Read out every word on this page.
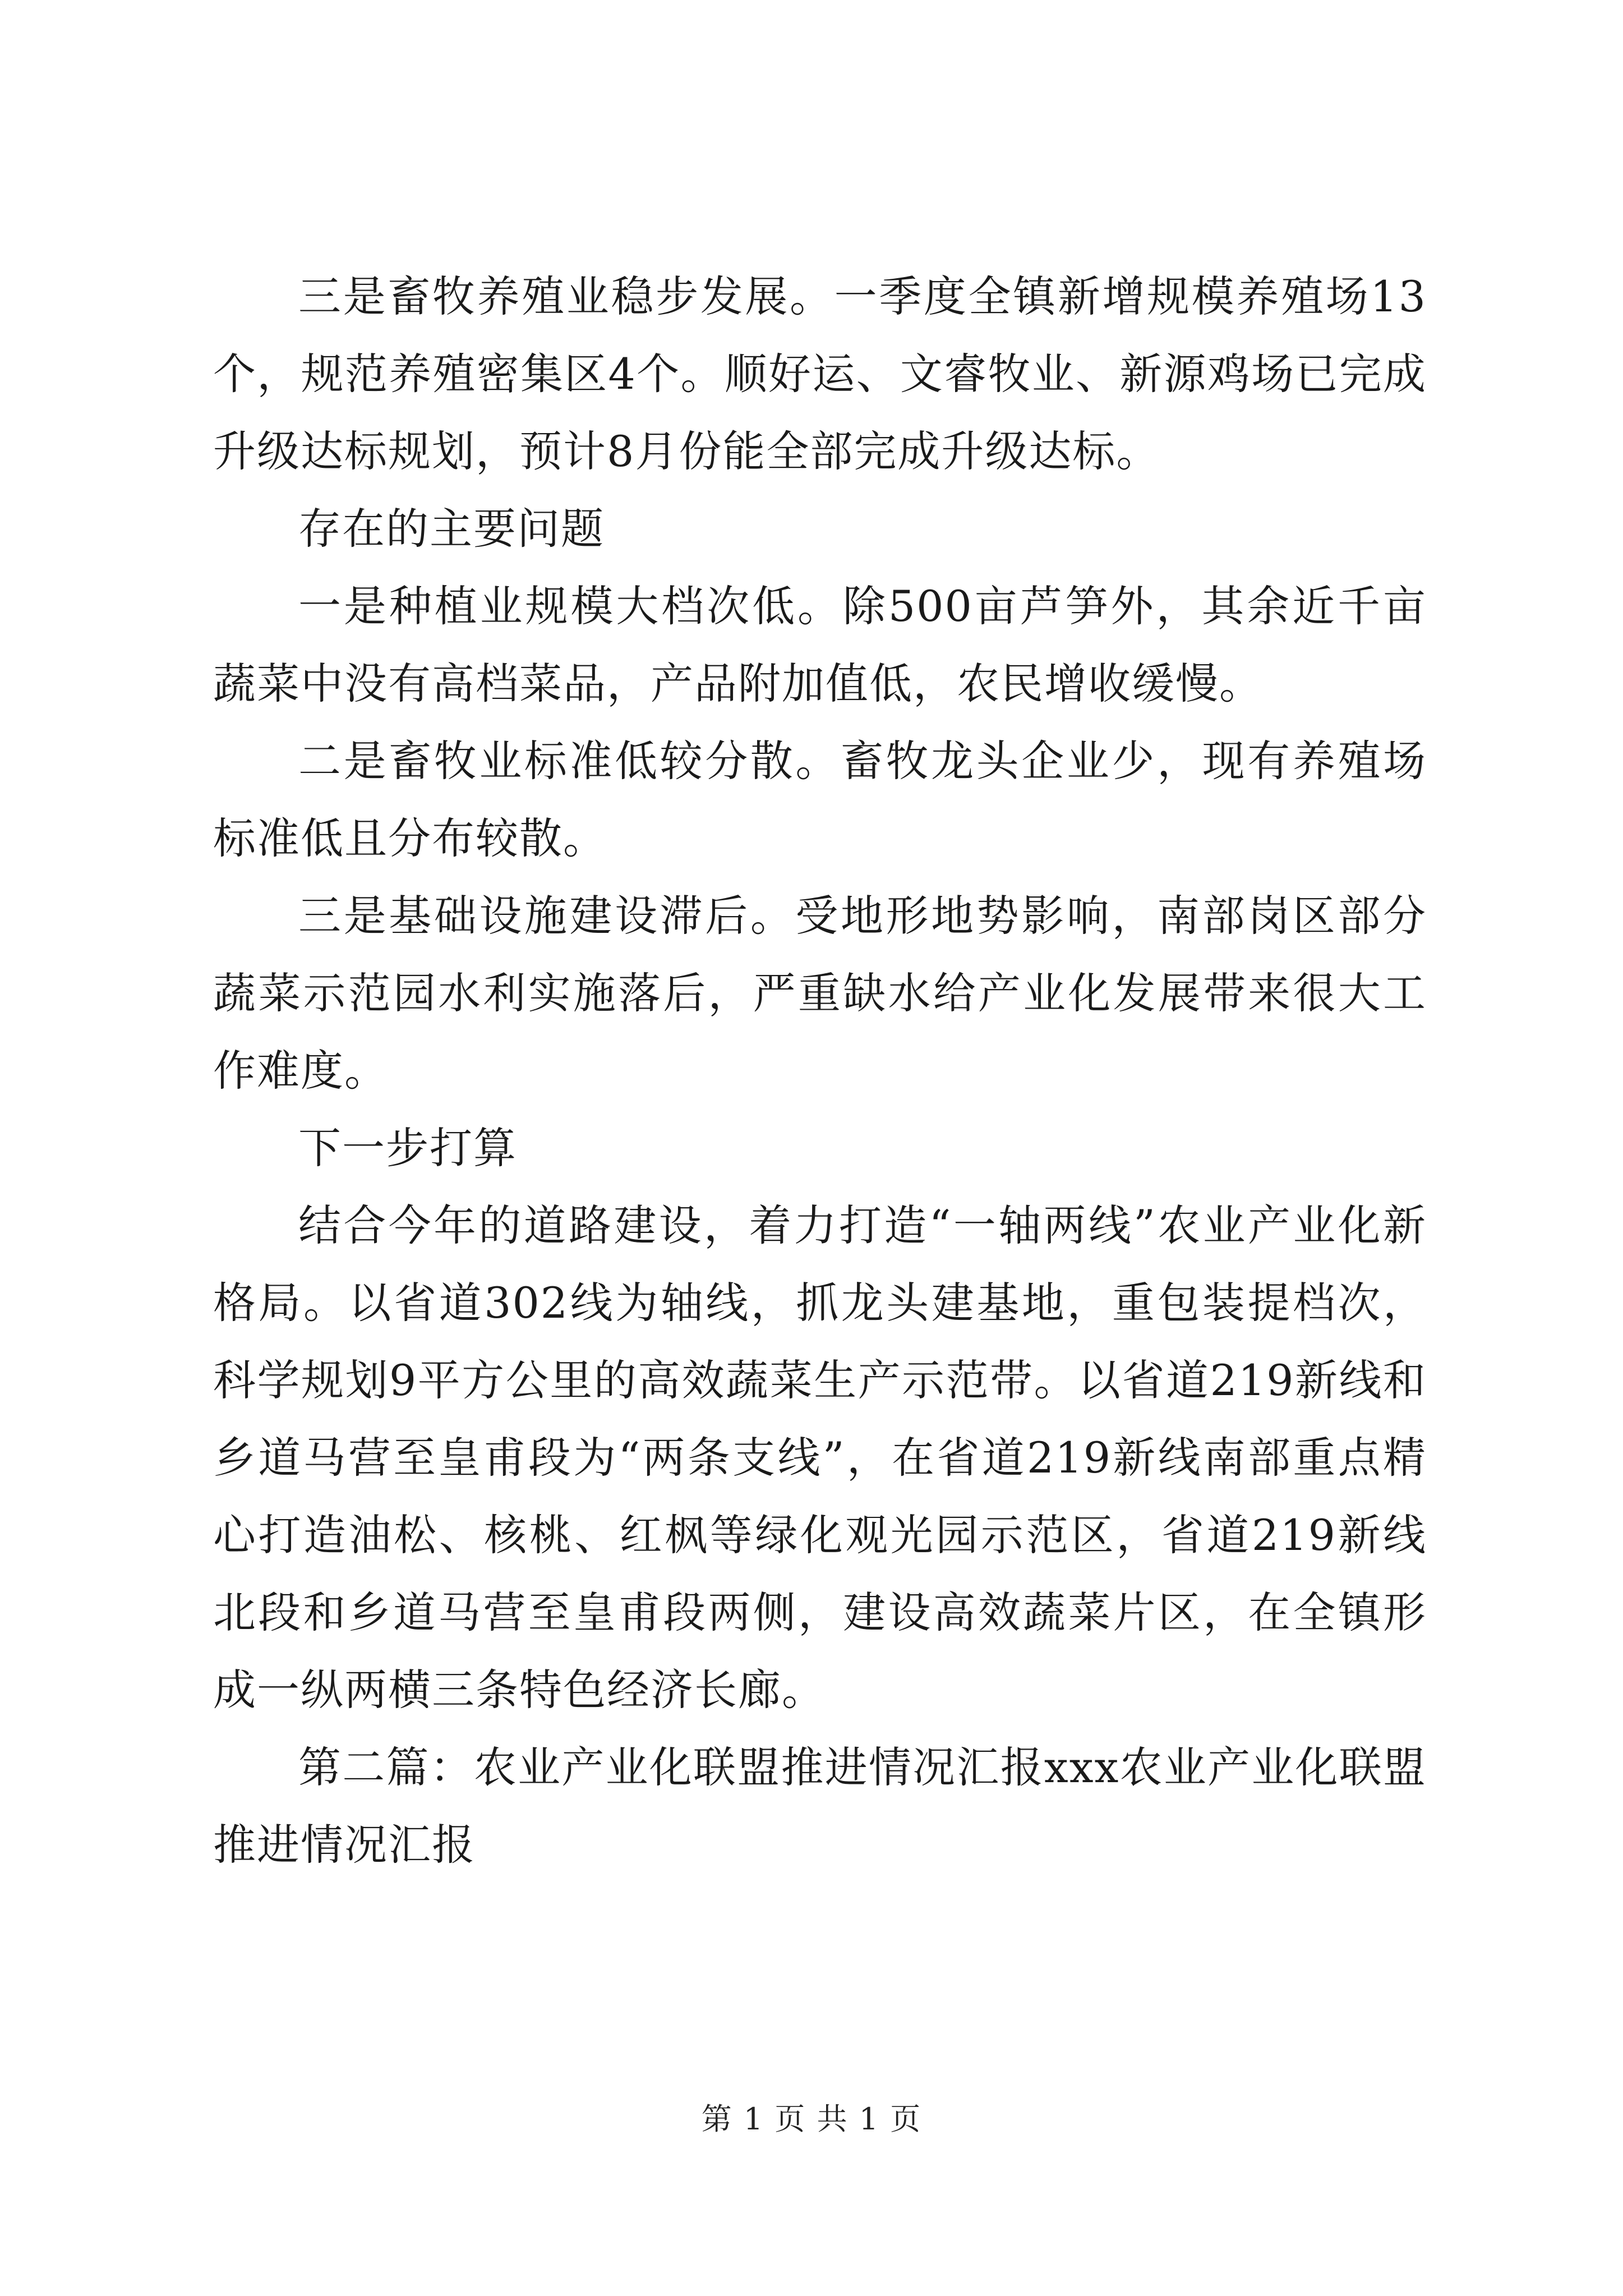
三是畜牧养殖业稳步发展。一季度全镇新增规模养殖场13个，规范养殖密集区4个。顺好运、文睿牧业、新源鸡场已完成升级达标规划，预计8月份能全部完成升级达标。

存在的主要问题

一是种植业规模大档次低。除500亩芦笋外，其余近千亩蔬菜中没有高档菜品，产品附加值低，农民增收缓慢。

二是畜牧业标准低较分散。畜牧龙头企业少，现有养殖场标准低且分布较散。

三是基础设施建设滞后。受地形地势影响，南部岗区部分蔬菜示范园水利实施落后，严重缺水给产业化发展带来很大工作难度。

下一步打算

结合今年的道路建设，着力打造“一轴两线”农业产业化新格局。以省道302线为轴线，抓龙头建基地，重包装提档次，科学规划9平方公里的高效蔬菜生产示范带。以省道219新线和乡道马营至皇甫段为“两条支线”，在省道219新线南部重点精心打造油松、核桃、红枫等绿化观光园示范区，省道219新线北段和乡道马营至皇甫段两侧，建设高效蔬菜片区，在全镇形成一纵两横三条特色经济长廊。

第二篇：农业产业化联盟推进情况汇报xxx农业产业化联盟推进情况汇报

第 1 页 共 1 页
